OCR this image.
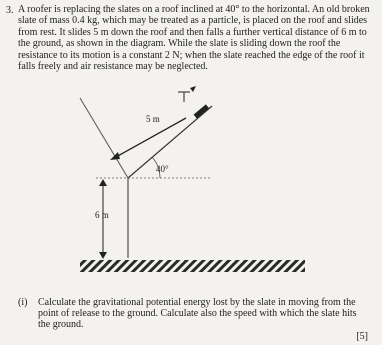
3. A roofer is replacing the slates on a roof inclined at 40° to the horizontal. An old broken slate of mass 0.4 kg, which may be treated as a particle, is placed on the roof and slides from rest. It slides 5 m down the roof and then falls a further vertical distance of 6 m to the ground, as shown in the diagram. While the slate is sliding down the roof the resistance to its motion is a constant 2 N; when the slate reached the edge of the roof it falls freely and air resistance may be neglected.

40°
5 m
6 m
(i) Calculate the gravitational potential energy lost by the slate in moving from the point of release to the ground. Calculate also the speed with which the slate hits the ground.

[5]
